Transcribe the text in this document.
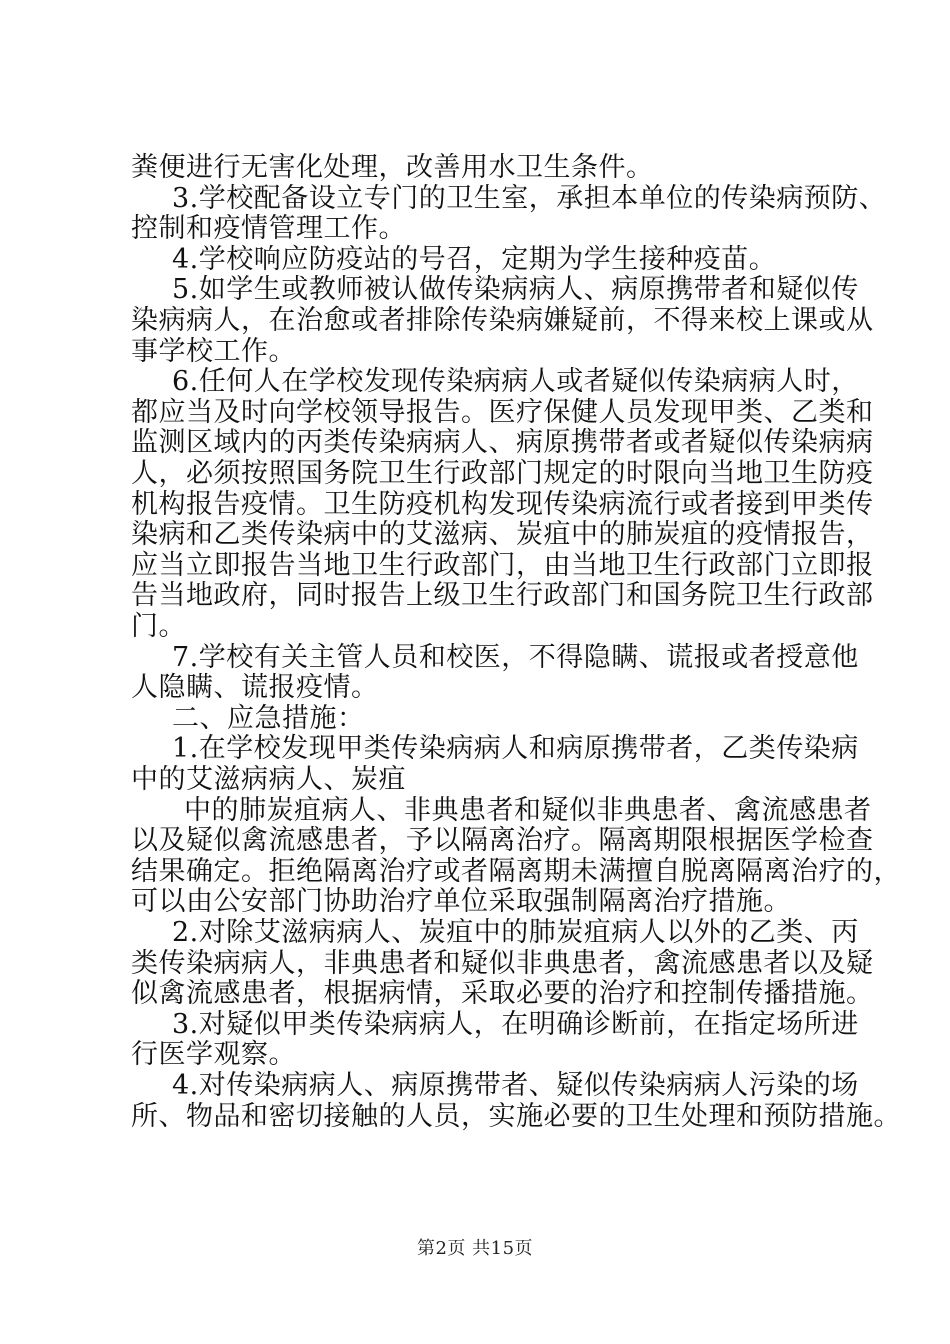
粪便进行无害化处理，改善用水卫生条件。
3.学校配备设立专门的卫生室，承担本单位的传染病预防、
控制和疫情管理工作。
4.学校响应防疫站的号召，定期为学生接种疫苗。
5.如学生或教师被认做传染病病人、病原携带者和疑似传
染病病人，在治愈或者排除传染病嫌疑前，不得来校上课或从
事学校工作。
6.任何人在学校发现传染病病人或者疑似传染病病人时，
都应当及时向学校领导报告。医疗保健人员发现甲类、乙类和
监测区域内的丙类传染病病人、病原携带者或者疑似传染病病
人，必须按照国务院卫生行政部门规定的时限向当地卫生防疫
机构报告疫情。卫生防疫机构发现传染病流行或者接到甲类传
染病和乙类传染病中的艾滋病、炭疽中的肺炭疽的疫情报告，
应当立即报告当地卫生行政部门，由当地卫生行政部门立即报
告当地政府，同时报告上级卫生行政部门和国务院卫生行政部
门。
7.学校有关主管人员和校医，不得隐瞒、谎报或者授意他
人隐瞒、谎报疫情。
二、应急措施：
1.在学校发现甲类传染病病人和病原携带者，乙类传染病
中的艾滋病病人、炭疽
中的肺炭疽病人、非典患者和疑似非典患者、禽流感患者
以及疑似禽流感患者，予以隔离治疗。隔离期限根据医学检查
结果确定。拒绝隔离治疗或者隔离期未满擅自脱离隔离治疗的，
可以由公安部门协助治疗单位采取强制隔离治疗措施。
2.对除艾滋病病人、炭疽中的肺炭疽病人以外的乙类、丙
类传染病病人，非典患者和疑似非典患者，禽流感患者以及疑
似禽流感患者，根据病情，采取必要的治疗和控制传播措施。
3.对疑似甲类传染病病人，在明确诊断前，在指定场所进
行医学观察。
4.对传染病病人、病原携带者、疑似传染病病人污染的场
所、物品和密切接触的人员，实施必要的卫生处理和预防措施。
第2页 共15页
